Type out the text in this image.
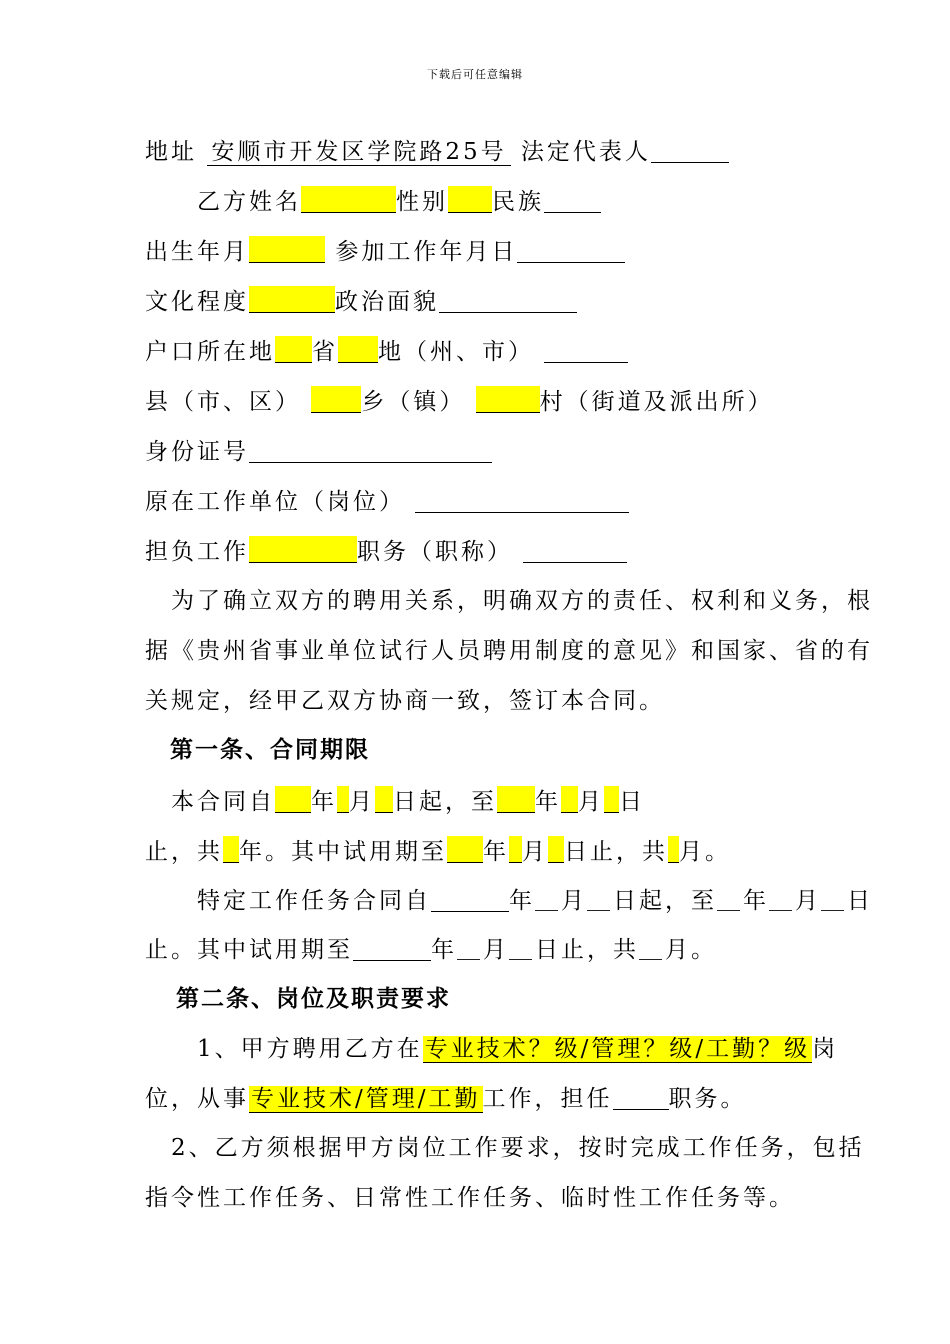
下载后可任意编辑
地址 安顺市开发区学院路25号 法定代表人
乙方姓名	性别 民族
出生年月	参加工作年月日
文化程度	政治面貌
户口所在地 省 地（州、市）
县（市、区）	乡（镇）	村（街道及派出所）
身份证号
原在工作单位（岗位）
担负工作	职务（职称）
为了确立双方的聘用关系，明确双方的责任、权利和义务，根
据《贵州省事业单位试行人员聘用制度的意见》和国家、省的有
关规定，经甲乙双方协商一致，签订本合同。
第一条、合同期限
本合同自 年 月 日起，至 年 月 日
止，共 年。其中试用期至 年 月 日止，共 月。
特定工作任务合同自	年＿月＿日起，至＿年＿月＿日
止。其中试用期至	年＿月＿日止，共＿月。
第二条、岗位及职责要求
1、甲方聘用乙方在专业技术？级/管理？级/工勤？级岗
位，从事专业技术/管理/工勤工作，担任 职务。
2、乙方须根据甲方岗位工作要求，按时完成工作任务，包括
指令性工作任务、日常性工作任务、临时性工作任务等。
